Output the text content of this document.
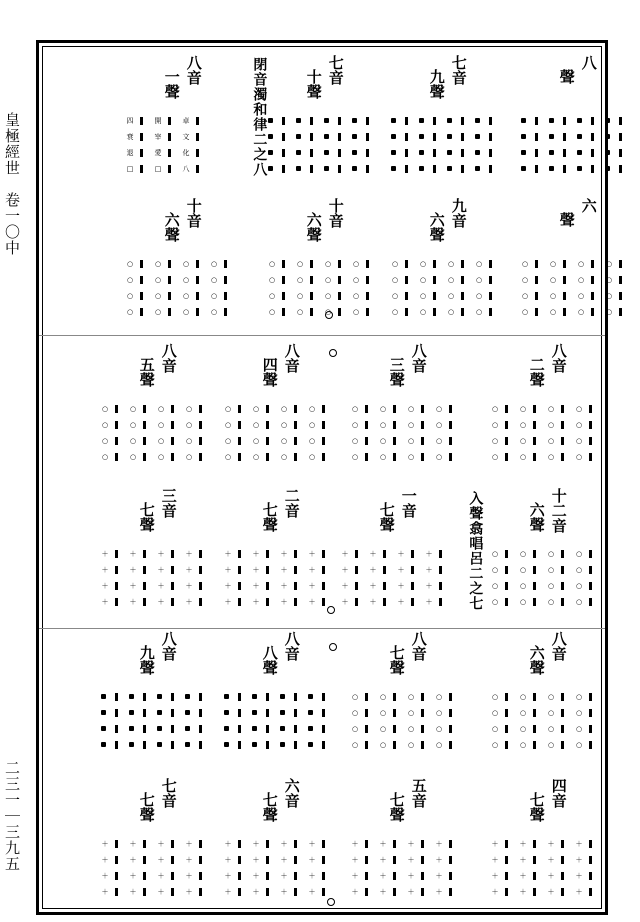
皇極經世　卷一〇中
二三一｜三九五
閉音濁和律二之八
入聲翕唱呂二之七
八音
一聲
卓
文
化
八
開
宰
愛
□
四
衰
退
□
七音
十聲
七音
九聲
八
聲
十音
六聲
○
○
○
○
○
○
○
○
○
○
○
○
○
○
○
○
十音
六聲
○
○
○
○
○
○
○
○
○
○
○
○
○
○
○
○
九音
六聲
○
○
○
○
○
○
○
○
○
○
○
○
○
○
○
○
六
聲
○
○
○
○
○
○
○
○
○
○
○
○
○
○
○
○
八音
五聲
○
○
○
○
○
○
○
○
○
○
○
○
○
○
○
○
八音
四聲
○
○
○
○
○
○
○
○
○
○
○
○
○
○
○
○
八音
三聲
○
○
○
○
○
○
○
○
○
○
○
○
○
○
○
○
八音
二聲
○
○
○
○
○
○
○
○
○
○
○
○
○
○
○
○
三音
七聲
＋
＋
＋
＋
＋
＋
＋
＋
＋
＋
＋
＋
＋
＋
＋
＋
二音
七聲
＋
＋
＋
＋
＋
＋
＋
＋
＋
＋
＋
＋
＋
＋
＋
＋
一音
七聲
＋
＋
＋
＋
＋
＋
＋
＋
＋
＋
＋
＋
＋
＋
＋
＋
十二音
六聲
○
○
○
○
○
○
○
○
○
○
○
○
○
○
○
○
八音
九聲
八音
八聲
八音
七聲
○
○
○
○
○
○
○
○
○
○
○
○
○
○
○
○
八音
六聲
○
○
○
○
○
○
○
○
○
○
○
○
○
○
○
○
七音
七聲
＋
＋
＋
＋
＋
＋
＋
＋
＋
＋
＋
＋
＋
＋
＋
＋
六音
七聲
＋
＋
＋
＋
＋
＋
＋
＋
＋
＋
＋
＋
＋
＋
＋
＋
五音
七聲
＋
＋
＋
＋
＋
＋
＋
＋
＋
＋
＋
＋
＋
＋
＋
＋
四音
七聲
＋
＋
＋
＋
＋
＋
＋
＋
＋
＋
＋
＋
＋
＋
＋
＋
